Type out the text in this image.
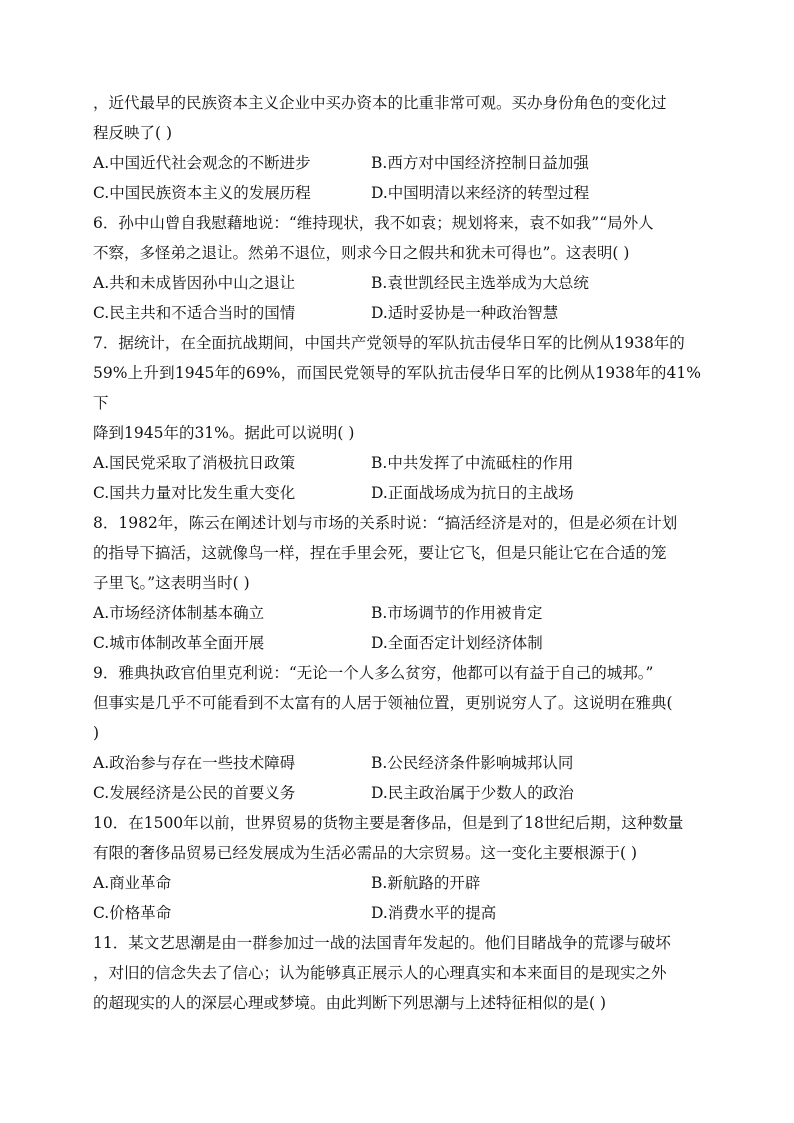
，近代最早的民族资本主义企业中买办资本的比重非常可观。买办身份角色的变化过
程反映了( )

A.中国近代社会观念的不断进步	B.西方对中国经济控制日益加强
C.中国民族资本主义的发展历程	D.中国明清以来经济的转型过程

6．孙中山曾自我慰藉地说：“维持现状，我不如袁；规划将来，袁不如我”“局外人
不察，多怪弟之退让。然弟不退位，则求今日之假共和犹未可得也”。这表明( )

A.共和未成皆因孙中山之退让	B.袁世凯经民主选举成为大总统
C.民主共和不适合当时的国情	D.适时妥协是一种政治智慧

7．据统计，在全面抗战期间，中国共产党领导的军队抗击侵华日军的比例从1938年的
59%上升到1945年的69%，而国民党领导的军队抗击侵华日军的比例从1938年的41%下
降到1945年的31%。据此可以说明( )

A.国民党采取了消极抗日政策	B.中共发挥了中流砥柱的作用
C.国共力量对比发生重大变化	D.正面战场成为抗日的主战场

8．1982年，陈云在阐述计划与市场的关系时说：“搞活经济是对的，但是必须在计划
的指导下搞活，这就像鸟一样，捏在手里会死，要让它飞，但是只能让它在合适的笼
子里飞。”这表明当时( )

A.市场经济体制基本确立	B.市场调节的作用被肯定
C.城市体制改革全面开展	D.全面否定计划经济体制

9．雅典执政官伯里克利说：“无论一个人多么贫穷，他都可以有益于自己的城邦。”
但事实是几乎不可能看到不太富有的人居于领袖位置，更别说穷人了。这说明在雅典(
)

A.政治参与存在一些技术障碍	B.公民经济条件影响城邦认同
C.发展经济是公民的首要义务	D.民主政治属于少数人的政治

10．在1500年以前，世界贸易的货物主要是奢侈品，但是到了18世纪后期，这种数量
有限的奢侈品贸易已经发展成为生活必需品的大宗贸易。这一变化主要根源于( )

A.商业革命	B.新航路的开辟
C.价格革命	D.消费水平的提高

11．某文艺思潮是由一群参加过一战的法国青年发起的。他们目睹战争的荒谬与破坏
，对旧的信念失去了信心；认为能够真正展示人的心理真实和本来面目的是现实之外
的超现实的人的深层心理或梦境。由此判断下列思潮与上述特征相似的是( )
